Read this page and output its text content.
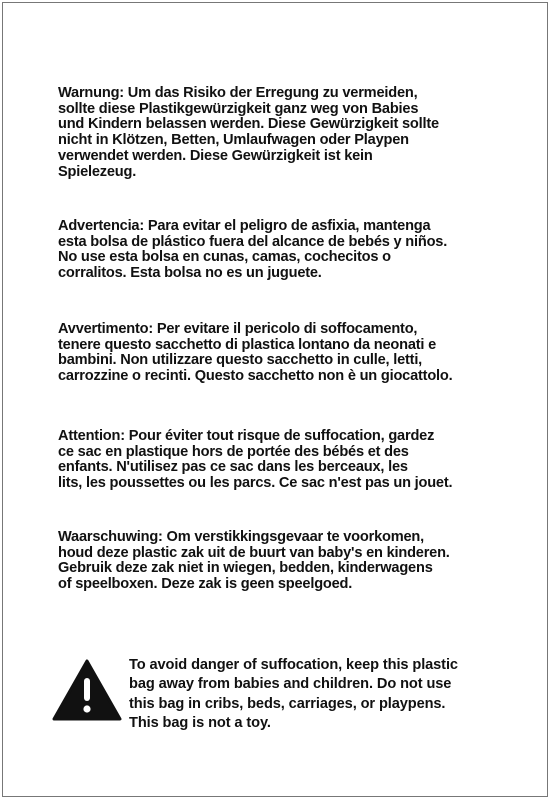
Warnung: Um das Risiko der Erregung zu vermeiden,
sollte diese Plastikgewürzigkeit ganz weg von Babies
und Kindern belassen werden. Diese Gewürzigkeit sollte
nicht in Klötzen, Betten, Umlaufwagen oder Playpen
verwendet werden. Diese Gewürzigkeit ist kein
Spielezeug.

Advertencia: Para evitar el peligro de asfixia, mantenga
esta bolsa de plástico fuera del alcance de bebés y niños.
No use esta bolsa en cunas, camas, cochecitos o
corralitos. Esta bolsa no es un juguete.

Avvertimento: Per evitare il pericolo di soffocamento,
tenere questo sacchetto di plastica lontano da neonati e
bambini. Non utilizzare questo sacchetto in culle, letti,
carrozzine o recinti. Questo sacchetto non è un giocattolo.

Attention: Pour éviter tout risque de suffocation, gardez
ce sac en plastique hors de portée des bébés et des
enfants. N'utilisez pas ce sac dans les berceaux, les
lits, les poussettes ou les parcs. Ce sac n'est pas un jouet.

Waarschuwing: Om verstikkingsgevaar te voorkomen,
houd deze plastic zak uit de buurt van baby's en kinderen.
Gebruik deze zak niet in wiegen, bedden, kinderwagens
of speelboxen. Deze zak is geen speelgoed.

To avoid danger of suffocation, keep this plastic
bag away from babies and children. Do not use
this bag in cribs, beds, carriages, or playpens.
This bag is not a toy.
